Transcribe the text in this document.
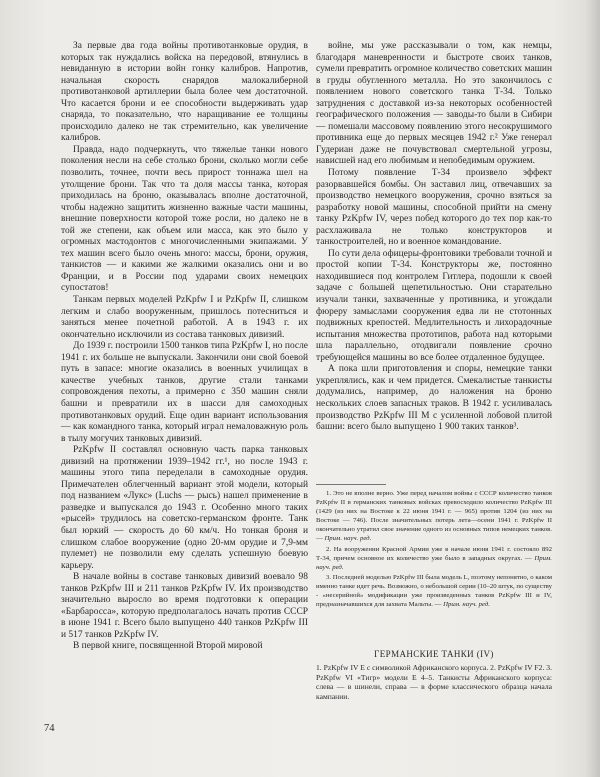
За первые два года войны противотанковые орудия, в которых так нуждались войска на передовой, втянулись в невиданную в истории войн гонку калибров. Напротив, начальная скорость снарядов малокалиберной противотанковой артиллерии была более чем достаточной. Что касается брони и ее способности выдерживать удар снаряда, то показательно, что наращивание ее толщины происходило далеко не так стремительно, как увеличение калибров.

Правда, надо подчеркнуть, что тяжелые танки нового поколения несли на себе столько брони, сколько могли себе позволить, точнее, почти весь прирост тоннажа шел на утолщение брони. Так что та доля массы танка, которая приходилась на броню, оказывалась вполне достаточной, чтобы надежно защитить жизненно важные части машины, внешние поверхности которой тоже росли, но далеко не в той же степени, как объем или масса, как это было у огромных мастодонтов с многочисленными экипажами. У тех машин всего было очень много: массы, брони, оружия, танкистов — и какими же жалкими оказались они и во Франции, и в России под ударами своих немецких супостатов!

Танкам первых моделей PzKpfw I и PzKpfw II, слишком легким и слабо вооруженным, пришлось потесниться и заняться менее почетной работой. А в 1943 г. их окончательно исключили из состава танковых дивизий.

До 1939 г. построили 1500 танков типа PzKpfw I, но после 1941 г. их больше не выпускали. Закончили они свой боевой путь в запасе: многие оказались в военных училищах в качестве учебных танков, другие стали танками сопровождения пехоты, а примерно с 350 машин сняли башни и превратили их в шасси для самоходных противотанковых орудий. Еще один вариант использования — как командного танка, который играл немаловажную роль в тылу могучих танковых дивизий.

PzKpfw II составлял основную часть парка танковых дивизий на протяжении 1939–1942 гг.¹, но после 1943 г. машины этого типа переделали в самоходные орудия. Примечателен облегченный вариант этой модели, который под названием «Лукс» (Luchs — рысь) нашел применение в разведке и выпускался до 1943 г. Особенно много таких «рысей» трудилось на советско-германском фронте. Танк был юркий — скорость до 60 км/ч. Но тонкая броня и слишком слабое вооружение (одно 20-мм орудие и 7,9-мм пулемет) не позволили ему сделать успешную боевую карьеру.

В начале войны в составе танковых дивизий воевало 98 танков PzKpfw III и 211 танков PzKpfw IV. Их производство значительно выросло во время подготовки к операции «Барбаросса», которую предполагалось начать против СССР в июне 1941 г. Всего было выпущено 440 танков PzKpfw III и 517 танков PzKpfw IV.

В первой книге, посвященной Второй мировой

войне, мы уже рассказывали о том, как немцы, благодаря маневренности и быстроте своих танков, сумели превратить огромное количество советских машин в груды обугленного металла. Но это закончилось с появлением нового советского танка Т-34. Только затруднения с доставкой из-за некоторых особенностей географического положения — заводы-то были в Сибири — помешали массовому появлению этого несокрушимого противника еще до первых месяцев 1942 г.² Уже генерал Гудериан даже не почувствовал смертельной угрозы, нависшей над его любимым и непобедимым оружием.

Потому появление Т-34 произвело эффект разорвавшейся бомбы. Он заставил лиц, отвечавших за производство немецкого вооружения, срочно взяться за разработку новой машины, способной прийти на смену танку PzKpfw IV, через побед которого до тех пор как-то расхлаживала не только конструкторов и танкостроителей, но и военное командование.

По сути дела офицеры-фронтовики требовали точной и простой копии Т-34. Конструкторы же, постоянно находившиеся под контролем Гитлера, подошли к своей задаче с большей щепетильностью. Они старательно изучали танки, захваченные у противника, и угождали фюреру замыслами сооружения едва ли не стотонных подвижных крепостей. Медлительность и лихорадочные испытания множества прототипов, работа над которыми шла параллельно, отодвигали появление срочно требующейся машины во все более отдаленное будущее.

А пока шли приготовления и споры, немецкие танки укреплялись, как и чем придется. Смекалистые танкисты додумались, например, до наложения на броню нескольких слоев запасных траков. В 1942 г. усиливалась производство PzKpfw III M с усиленной лобовой плитой башни: всего было выпущено 1 900 таких танков³.

1. Это не вполне верно. Уже перед началом войны с СССР количество танков PzKpfw II в германских танковых войсках превосходило количество PzKpfw III (1429 (из них на Востоке к 22 июня 1941 г. — 965) против 1204 (из них на Востоке — 746). После значительных потерь лета—осени 1941 г. PzKpfw II окончательно утратил свое значение одного из основных типов немецких танков. — Прим. науч. ред.

2. На вооружении Красной Армии уже в начале июня 1941 г. состояло 892 Т-34, причем основное их количество уже было в западных округах. — Прим. науч. ред.

3. Последней моделью PzKpfw III была модель L, поэтому непонятно, о каком именно танке идет речь. Возможно, о небольшой серии (10–20 штук, по существу - «несерийной» модификации уже произведенных танков PzKpfw III и IV, предназначавшихся для захвата Мальты. — Прим. науч. ред.

ГЕРМАНСКИЕ ТАНКИ (IV)
1. PzKpfw IV E с символикой Африканского корпуса. 2. PzKpfw IV F2. 3. PzKpfw VI «Тигр» модели E 4–5. Танкисты Африканского корпуса: слева — в шинели, справа — в форме классического образца начала кампании.
74
